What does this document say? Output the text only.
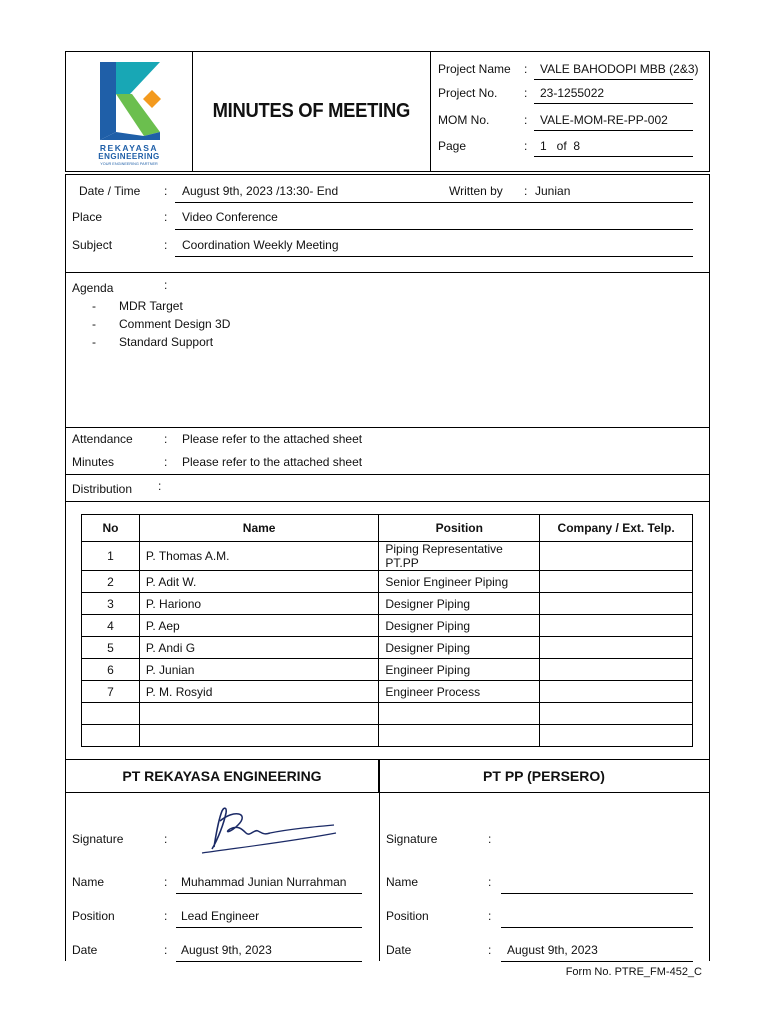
REKAYASA
ENGINEERING
YOUR ENGINEERING PARTNER
MINUTES OF MEETING
Project Name :	VALE BAHODOPI MBB (2&3)
Project No. :	23-1255022
MOM No.	:	VALE-MOM-RE-PP-002
Page	:	1   of  8
Date / Time : August 9th, 2023 /13:30- End	Written by : Junian
Place	: Video Conference
Subject	: Coordination Weekly Meeting
Agenda	:
- MDR Target
- Comment Design 3D
- Standard Support
Attendance	: Please refer to the attached sheet
Minutes	: Please refer to the attached sheet
Distribution :
No	Name	Position	Company / Ext. Telp.
1	P. Thomas A.M.	Piping Representative PT.PP	
2	P. Adit W.	Senior Engineer Piping	
3	P. Hariono	Designer Piping	
4	P. Aep	Designer Piping	
5	P. Andi G	Designer Piping	
6	P. Junian	Engineer Piping	
7	P. M. Rosyid	Engineer Process	

PT REKAYASA ENGINEERING	PT PP (PERSERO)
Signature	:
Name	: Muhammad Junian Nurrahman
Position	: Lead Engineer
Date	: August 9th, 2023
Signature	:
Name	:
Position	:
Date	: August 9th, 2023
Form No. PTRE_FM-452_C
